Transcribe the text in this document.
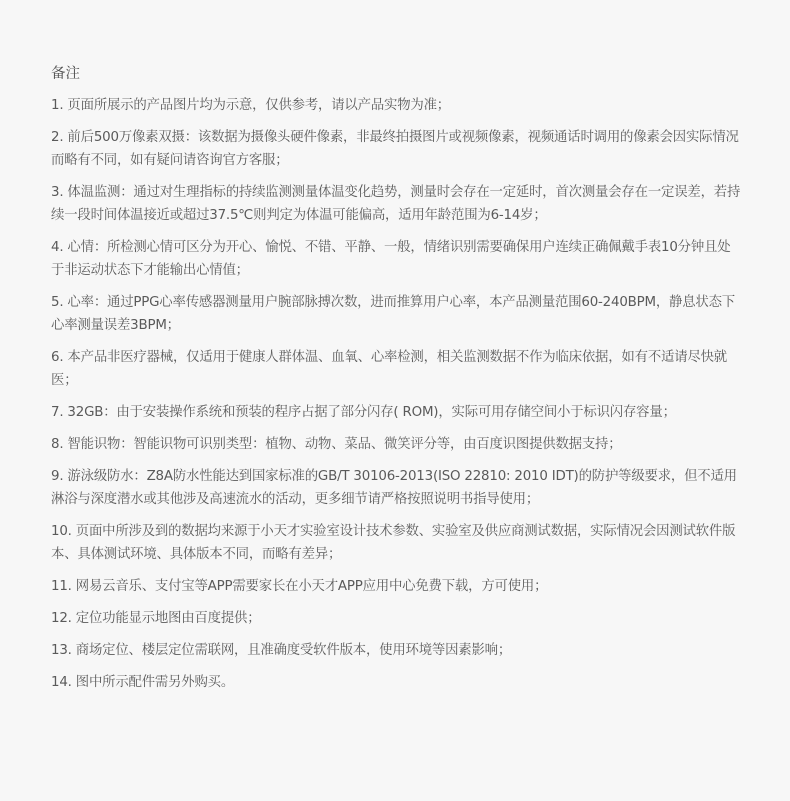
备注
1. 页面所展示的产品图片均为示意，仅供参考，请以产品实物为准；
2. 前后500万像素双摄：该数据为摄像头硬件像素，非最终拍摄图片或视频像素，视频通话时调用的像素会因实际情况而略有不同，如有疑问请咨询官方客服；
3. 体温监测：通过对生理指标的持续监测测量体温变化趋势，测量时会存在一定延时，首次测量会存在一定误差，若持续一段时间体温接近或超过37.5℃则判定为体温可能偏高，适用年龄范围为6-14岁；
4. 心情：所检测心情可区分为开心、愉悦、不错、平静、一般，情绪识别需要确保用户连续正确佩戴手表10分钟且处于非运动状态下才能输出心情值；
5. 心率：通过PPG心率传感器测量用户腕部脉搏次数，进而推算用户心率，本产品测量范围60-240BPM，静息状态下心率测量误差3BPM；
6. 本产品非医疗器械，仅适用于健康人群体温、血氧、心率检测，相关监测数据不作为临床依据，如有不适请尽快就医；
7. 32GB：由于安装操作系统和预装的程序占据了部分闪存( ROM)，实际可用存储空间小于标识闪存容量；
8. 智能识物：智能识物可识别类型：植物、动物、菜品、微笑评分等，由百度识图提供数据支持；
9. 游泳级防水：Z8A防水性能达到国家标准的GB/T 30106-2013(ISO 22810: 2010 IDT)的防护等级要求，但不适用淋浴与深度潜水或其他涉及高速流水的活动，更多细节请严格按照说明书指导使用；
10. 页面中所涉及到的数据均来源于小天才实验室设计技术参数、实验室及供应商测试数据，实际情况会因测试软件版本、具体测试环境、具体版本不同，而略有差异；
11. 网易云音乐、支付宝等APP需要家长在小天才APP应用中心免费下载，方可使用；
12. 定位功能显示地图由百度提供；
13. 商场定位、楼层定位需联网，且准确度受软件版本，使用环境等因素影响；
14. 图中所示配件需另外购买。
